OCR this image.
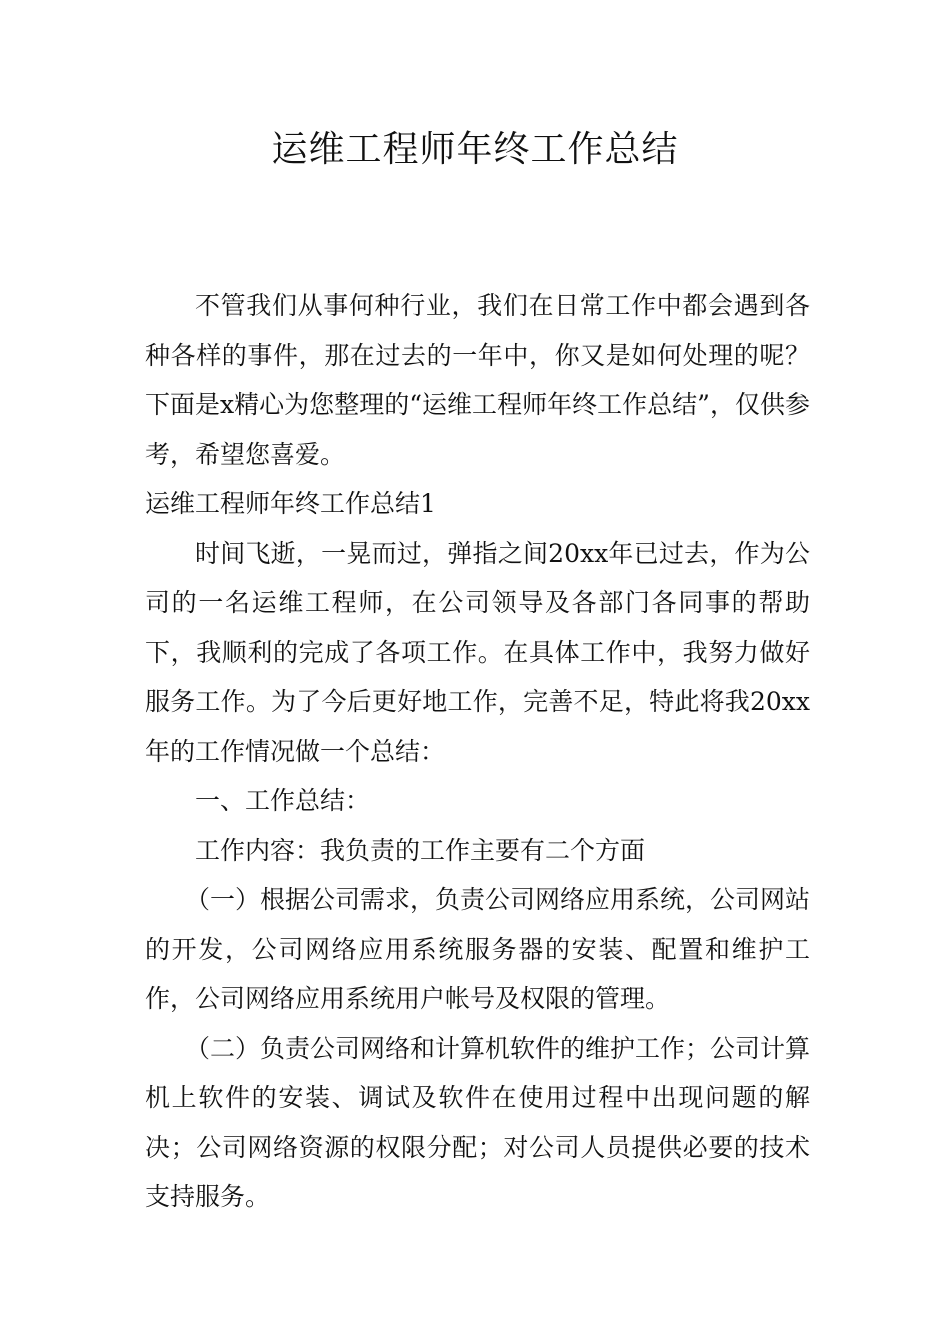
运维工程师年终工作总结

不管我们从事何种行业，我们在日常工作中都会遇到各种各样的事件，那在过去的一年中，你又是如何处理的呢？下面是x精心为您整理的“运维工程师年终工作总结”，仅供参考，希望您喜爱。

运维工程师年终工作总结1

时间飞逝，一晃而过，弹指之间20xx年已过去，作为公司的一名运维工程师，在公司领导及各部门各同事的帮助下，我顺利的完成了各项工作。在具体工作中，我努力做好服务工作。为了今后更好地工作，完善不足，特此将我20xx年的工作情况做一个总结：

一、工作总结：

工作内容：我负责的工作主要有二个方面

（一）根据公司需求，负责公司网络应用系统，公司网站的开发，公司网络应用系统服务器的安装、配置和维护工作，公司网络应用系统用户帐号及权限的管理。

（二）负责公司网络和计算机软件的维护工作；公司计算机上软件的安装、调试及软件在使用过程中出现问题的解决；公司网络资源的权限分配；对公司人员提供必要的技术支持服务。
